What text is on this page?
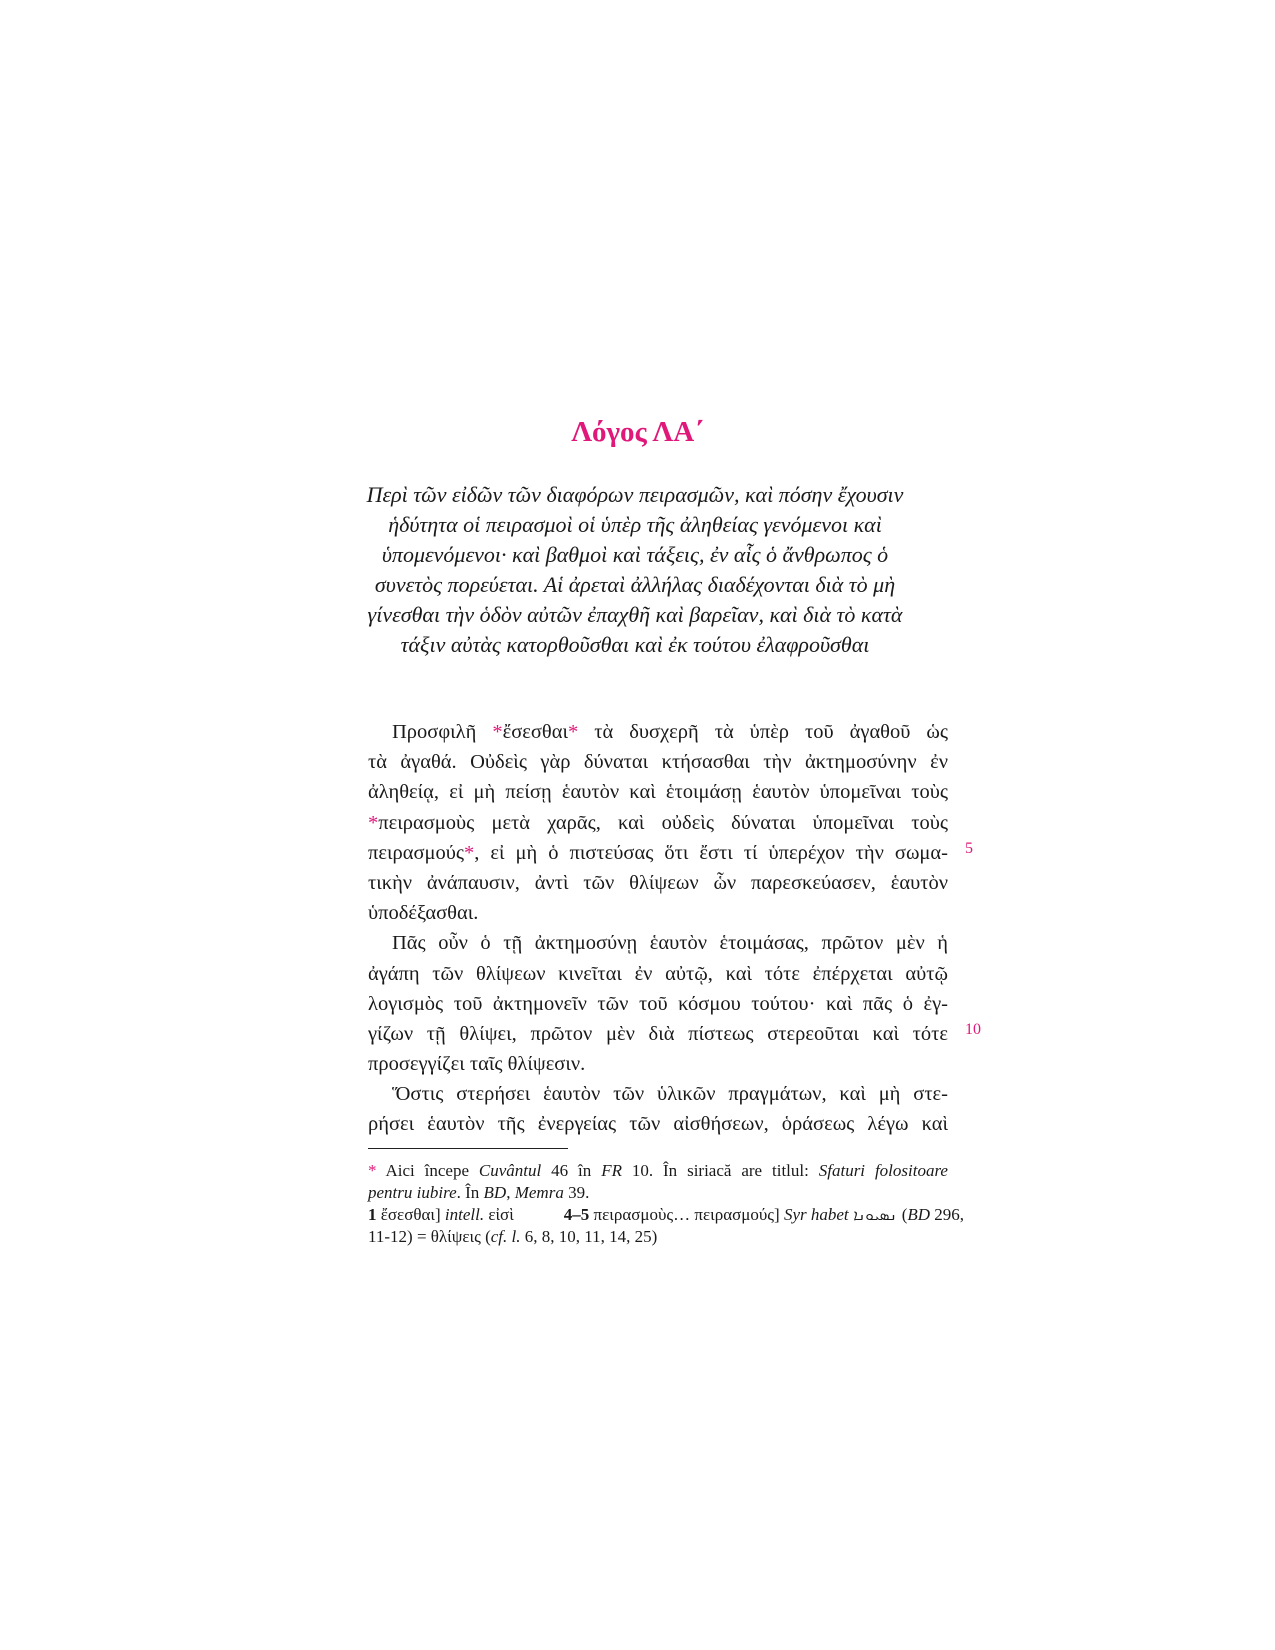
Λόγος ΛΑ΄
Περὶ τῶν εἰδῶν τῶν διαφόρων πειρασμῶν, καὶ πόσην ἔχουσιν
ἡδύτητα οἱ πειρασμοὶ οἱ ὑπὲρ τῆς ἀληθείας γενόμενοι καὶ
ὑπομενόμενοι· καὶ βαθμοὶ καὶ τάξεις, ἐν αἷς ὁ ἄνθρωπος ὁ
συνετὸς πορεύεται. Αἱ ἀρεταὶ ἀλλήλας διαδέχονται διὰ τὸ μὴ
γίνεσθαι τὴν ὁδὸν αὐτῶν ἐπαχθῆ καὶ βαρεῖαν, καὶ διὰ τὸ κατὰ
τάξιν αὐτὰς κατορθοῦσθαι καὶ ἐκ τούτου ἐλαφροῦσθαι
Προσφιλῆ *ἔσεσθαι* τὰ δυσχερῆ τὰ ὑπὲρ τοῦ ἀγαθοῦ ὡς
τὰ ἀγαθά. Οὐδεὶς γὰρ δύναται κτήσασθαι τὴν ἀκτημοσύνην ἐν
ἀληθείᾳ, εἰ μὴ πείσῃ ἑαυτὸν καὶ ἑτοιμάσῃ ἑαυτὸν ὑπομεῖναι τοὺς
*πειρασμοὺς μετὰ χαρᾶς, καὶ οὐδεὶς δύναται ὑπομεῖναι τοὺς
πειρασμούς*, εἰ μὴ ὁ πιστεύσας ὅτι ἔστι τί ὑπερέχον τὴν σωμα-
τικὴν ἀνάπαυσιν, ἀντὶ τῶν θλίψεων ὧν παρεσκεύασεν, ἑαυτὸν
ὑποδέξασθαι.
Πᾶς οὖν ὁ τῇ ἀκτημοσύνῃ ἑαυτὸν ἑτοιμάσας, πρῶτον μὲν ἡ
ἀγάπη τῶν θλίψεων κινεῖται ἐν αὐτῷ, καὶ τότε ἐπέρχεται αὐτῷ
λογισμὸς τοῦ ἀκτημονεῖν τῶν τοῦ κόσμου τούτου· καὶ πᾶς ὁ ἐγ-
γίζων τῇ θλίψει, πρῶτον μὲν διὰ πίστεως στερεοῦται καὶ τότε
προσεγγίζει ταῖς θλίψεσιν.
Ὅστις στερήσει ἑαυτὸν τῶν ὑλικῶν πραγμάτων, καὶ μὴ στε-
ρήσει ἑαυτὸν τῆς ἐνεργείας τῶν αἰσθήσεων, ὁράσεως λέγω καὶ
5
10
* Aici începe Cuvântul 46 în FR 10. În siriacă are titlul: Sfaturi folositoare
pentru iubire. În BD, Memra 39.
1 ἔσεσθαι] intell. εἰσὶ	4–5 πειρασμοὺς… πειρασμούς] Syr habet ܢܣܝܘܢܐ (BD 296,
11-12) = θλίψεις (cf. l. 6, 8, 10, 11, 14, 25)
